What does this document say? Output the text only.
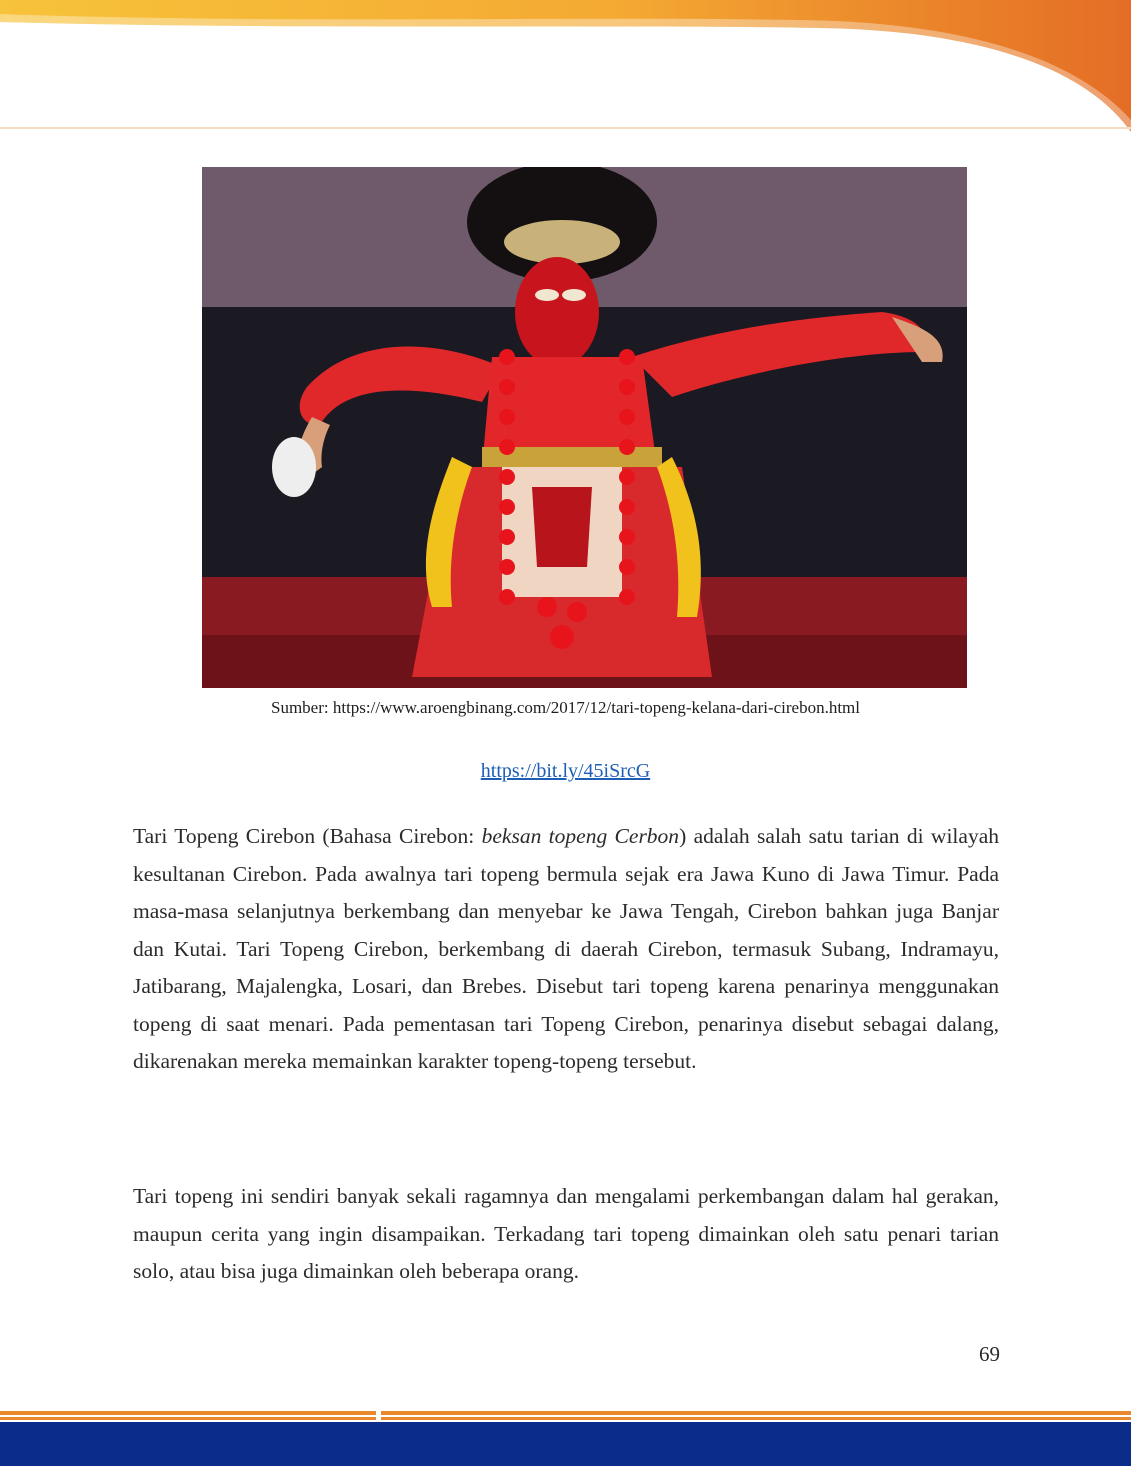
Sumber: https://www.aroengbinang.com/2017/12/tari-topeng-kelana-dari-cirebon.html
https://bit.ly/45iSrcG

Tari Topeng Cirebon (Bahasa Cirebon: beksan topeng Cerbon) adalah salah satu tarian di wilayah kesultanan Cirebon. Pada awalnya tari topeng bermula sejak era Jawa Kuno di Jawa Timur. Pada masa-masa selanjutnya berkembang dan menyebar ke Jawa Tengah, Cirebon bahkan juga Banjar dan Kutai. Tari Topeng Cirebon, berkembang di daerah Cirebon, termasuk Subang, Indramayu, Jatibarang, Majalengka, Losari, dan Brebes. Disebut tari topeng karena penarinya menggunakan topeng di saat menari. Pada pementasan tari Topeng Cirebon, penarinya disebut sebagai dalang, dikarenakan mereka memainkan karakter topeng-topeng tersebut.

Tari topeng ini sendiri banyak sekali ragamnya dan mengalami perkembangan dalam hal gerakan, maupun cerita yang ingin disampaikan. Terkadang tari topeng dimainkan oleh satu penari tarian solo, atau bisa juga dimainkan oleh beberapa orang.

69
